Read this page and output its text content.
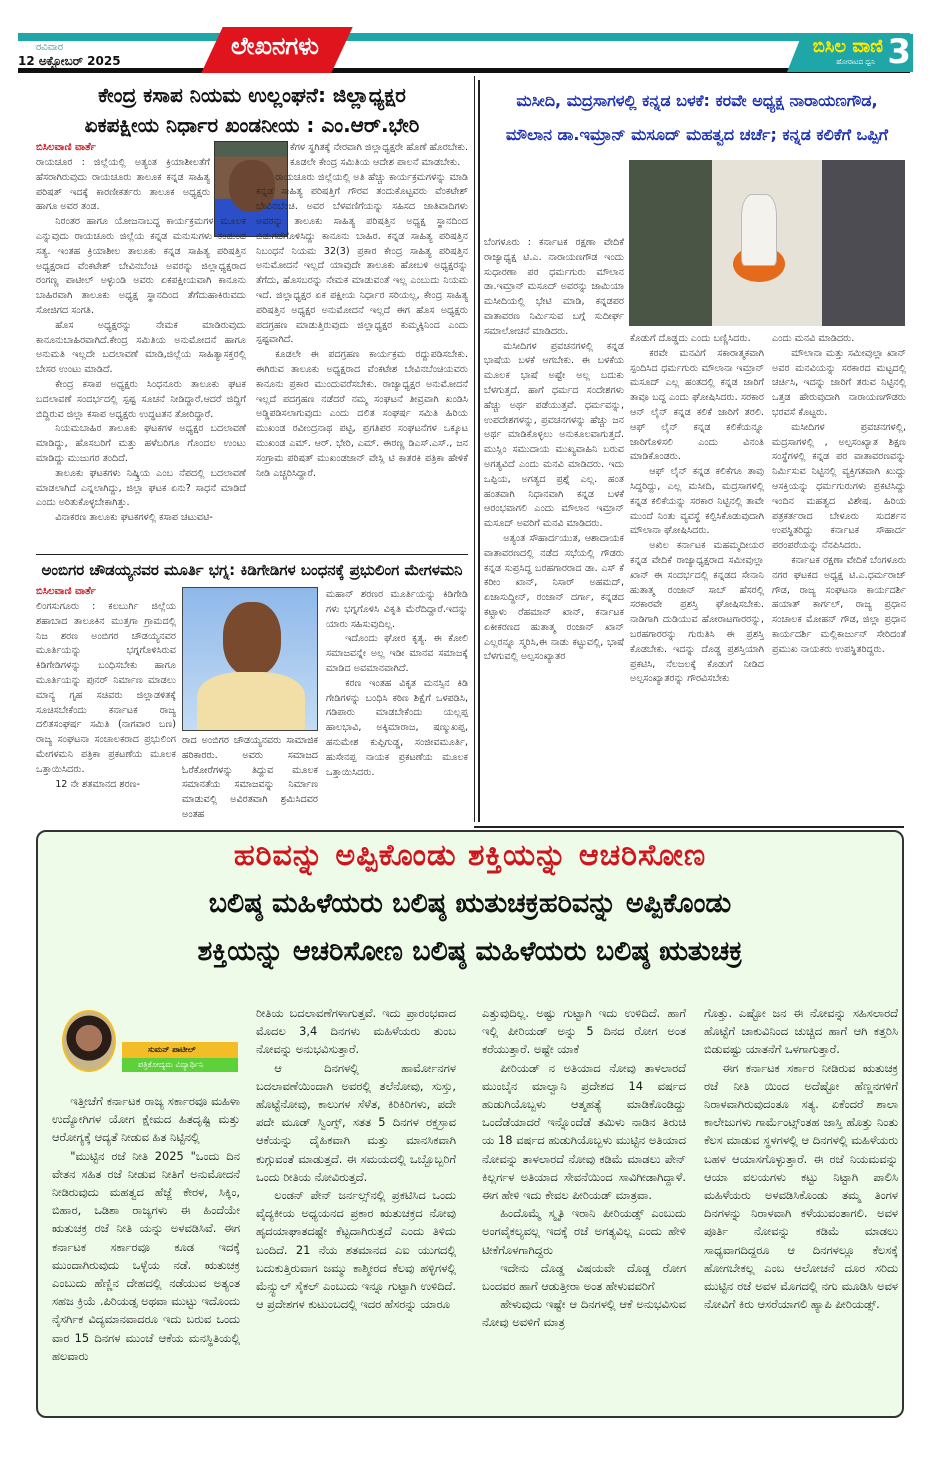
ರವಿವಾರ
12 ಅಕ್ಟೋಬರ್ 2025
ಲೇಖನಗಳು	ಬಿಸಿಲ ವಾಣಿ
ಹೋರಾಟದ ಧ್ವನಿ 3
ಕೇಂದ್ರ ಕಸಾಪ ನಿಯಮ ಉಲ್ಲಂಘನೆ: ಜಿಲ್ಲಾಧ್ಯಕ್ಷರ
ಏಕಪಕ್ಷೀಯ ನಿರ್ಧಾರ ಖಂಡನೀಯ : ಎಂ.ಆರ್.ಭೇರಿ
ಬಿಸಿಲವಾಣಿ ವಾರ್ತೆ

ರಾಯಚೂರ : ಜಿಲ್ಲೆಯಲ್ಲಿ ಅತ್ಯಂತ ಕ್ರಿಯಾಶೀಲತೆಗೆ ಹೆಸರಾಗಿರುವುದು ರಾಯಚೂರು ತಾಲೂಕ ಕನ್ನಡ ಸಾಹಿತ್ಯ ಪರಿಷತ್ ಇದಕ್ಕೆ ಕಾರಣೀಕರ್ತರು ತಾಲೂಕ ಅಧ್ಯಕ್ಷರು ಹಾಗೂ ಅವರ ತಂಡ.

ನಿರಂತರ ಹಾಗೂ ಯೋಜನಾಬದ್ಧ ಕಾರ್ಯಕ್ರಮಗಳ ಮೂಲಕ ಎನ್ನುವುದು ರಾಯಚೂರು ಜಿಲ್ಲೆಯ ಕನ್ನಡ ಮನುಸುಗಳು ಕಂಡುಂಡ ಸತ್ಯ. ಇಂತಹ ಕ್ರಿಯಾಶೀಲ ತಾಲೂಕು ಕನ್ನಡ ಸಾಹಿತ್ಯ ಪರಿಷತ್ತಿನ ಅಧ್ಯಕ್ಷರಾದ ವೆಂಕಟೇಶ್ ಬೇವಿನಬೆಂಚಿ ಅವರನ್ನು ಜಿಲ್ಲಾಧ್ಯಕ್ಷರಾದ ರಂಗಣ್ಣ ಪಾಟೀಲ್ ಅಳ್ಳುಂಡಿ ಅವರು ಏಕಪಕ್ಷೀಯವಾಗಿ ಕಾನೂನು ಬಾಹಿರವಾಗಿ ತಾಲೂಕು ಅಧ್ಯಕ್ಷ ಸ್ಥಾನದಿಂದ ತೆಗೆದುಹಾಕಿರುವದು ಸೋಜಿಗದ ಸಂಗತಿ.

ಹೊಸ ಅಧ್ಯಕ್ಷರನ್ನು ನೇಮಕ ಮಾಡಿರುವುದು ಕಾನೂನುಬಾಹಿರವಾಗಿದೆ.ಕೇಂದ್ರ ಸಮಿತಿಯ ಅನುಮೋದನೆ ಹಾಗೂ ಅನುಮತಿ ಇಲ್ಲದೇ ಬದಲಾವಣೆ ಮಾಡಿ,ಜಿಲ್ಲೆಯ ಸಾಹಿತ್ಯಾಸಕ್ತರಲ್ಲಿ ಬೇಸರ ಉಂಟು ಮಾಡಿದೆ.

ಕೇಂದ್ರ ಕಸಾಪ ಅಧ್ಯಕ್ಷರು ಸಿಂಧನೂರು ತಾಲೂಕು ಘಟಕ ಬದಲಾವಣೆ ಸಂದರ್ಭದಲ್ಲಿ ಸ್ಪಷ್ಟ ಸೂಚನೆ ನೀಡಿದ್ದಾರೆ.ಆದರೆ ಜಿದ್ದಿಗೆ ಬಿದ್ದಿರುವ ಜಿಲ್ಲಾ ಕಸಾಪ ಅಧ್ಯಕ್ಷರು ಉದ್ಧಟತನ ತೋರಿದ್ದಾರೆ.

ನಿಯಮಬಾಹಿರ ತಾಲೂಕು ಘಟಕಗಳ ಅಧ್ಯಕ್ಷರ ಬದಲಾವಣೆ ಮಾಡಿದ್ದು, ಹೊಸಬರಿಗೆ ಮತ್ತು ಹಳೆಬರಿಗೂ ಗೊಂದಲ ಉಂಟು ಮಾಡಿದ್ದು ಮುಜುಗರ ತಂದಿದೆ.

ತಾಲೂಕು ಘಟಕಗಳು ನಿಷ್ಕ್ರಿಯ ಎಂಬ ನೆಪದಲ್ಲಿ ಬದಲಾವಣೆ ಮಾಡಲಾಗಿದೆ ಎನ್ನಲಾಗಿದ್ದು, ಜಿಲ್ಲಾ ಘಟಕ ಏನು? ಸಾಧನೆ ಮಾಡಿದೆ ಎಂದು ಅರಿತುಕೊಳ್ಳಬೇಕಾಗಿತ್ತು.

ವಿನಾಕರಣ ತಾಲೂಕು ಘಟಕಗಳಲ್ಲಿ ಕಸಾಪ ಚಟುವಟಿ-

ಕೆಗಳ ಸ್ಥಗಿತಕ್ಕೆ ನೇರವಾಗಿ ಜಿಲ್ಲಾಧ್ಯಕ್ಷರೇ ಹೊಣೆ ಹೊರಬೇಕು. ಕೂಡಲೇ ಕೇಂದ್ರ ಸಮಿತಿಯ ಆದೇಶ ಪಾಲನೆ ಮಾಡಬೇಕು.

ರಾಯಚೂರು ಜಿಲ್ಲೆಯಲ್ಲಿ ಅತಿ ಹೆಚ್ಚು ಕಾರ್ಯಕ್ರಮಗಳನ್ನು ಮಾಡಿ ಕನ್ನಡ ಸಾಹಿತ್ಯ ಪರಿಷತ್ತಿಗೆ ಗೌರವ ತಂದುಕೊಟ್ಟವರು ವೆಂಕಟೇಶ್ ಬೇವಿನಬೆಂಚಿ. ಅವರ ಬೆಳವಣಿಗೆಯನ್ನು ಸಹಿಸದ ಜಾತಿವಾದಿಗಳು ಅವರನ್ನು ತಾಲೂಕು ಸಾಹಿತ್ಯ ಪರಿಷತ್ತಿನ ಅಧ್ಯಕ್ಷ ಸ್ಥಾನದಿಂದ ಬಿಡುಗಡೆಗೊಳಿಸಿದ್ದು ಕಾನೂನು ಬಾಹಿರ. ಕನ್ನಡ ಸಾಹಿತ್ಯ ಪರಿಷತ್ತಿನ ನಿಬಂಧನೆ ನಿಯಮ 32(3) ಪ್ರಕಾರ ಕೇಂದ್ರ ಸಾಹಿತ್ಯ ಪರಿಷತ್ತಿನ ಅನುಮೋದನೆ ಇಲ್ಲದೆ ಯಾವುದೇ ತಾಲೂಕು ಹೋಬಳಿ ಅಧ್ಯಕ್ಷರನ್ನು ತೆಗೆದು, ಹೊಸಬರನ್ನು ನೇಮಕ ಮಾಡುವಂತೆ ಇಲ್ಲ ಎಂಬುದು ನಿಯಮ ಇದೆ. ಜಿಲ್ಲಾಧ್ಯಕ್ಷರ ಏಕ ಪಕ್ಷೀಯ ನಿರ್ಧಾರ ಸರಿಯಲ್ಲ, ಕೇಂದ್ರ ಸಾಹಿತ್ಯ ಪರಿಷತ್ತಿನ ಅಧ್ಯಕ್ಷರ ಅನುಮೋದನೆ ಇಲ್ಲದೆ ಈಗ ಹೊಸ ಅಧ್ಯಕ್ಷರು ಪದಗ್ರಹಣ ಮಾಡುತ್ತಿರುವುದು ಜಿಲ್ಲಾಧ್ಯಕ್ಷರ ಕುಮ್ಮಕ್ಕಿನಿಂದ ಎಂದು ಸ್ಪಷ್ಟವಾಗಿದೆ.

ಕೂಡಲೇ ಈ ಪದಗ್ರಹಣ ಕಾರ್ಯಕ್ರಮ ರದ್ದುಪಡಿಸಬೇಕು. ಈಗಿರುವ ತಾಲೂಕು ಅಧ್ಯಕ್ಷರಾದ ವೆಂಕಟೇಶ ಬೇವಿನಬೆಂಚಿಯವರು ಕಾನೂನು ಪ್ರಕಾರ ಮುಂದುವರೆಸಬೇಕು. ರಾಜ್ಯಾಧ್ಯಕ್ಷರ ಅನುಮೋದನೆ ಇಲ್ಲದೆ ಪದಗ್ರಹಣ ನಡೆದರೆ ನಮ್ಮ ಸಂಘಟನೆ ತೀವ್ರವಾಗಿ ಖಂಡಿಸಿ ಅಡ್ಡಿಪಡಿಸಲಾಗುವುದು ಎಂದು ದಲಿತ ಸಂಘರ್ಷ ಸಮಿತಿ ಹಿರಿಯ ಮುಖಂಡ ರವೀಂದ್ರನಾಥ ಪಟ್ಟಿ, ಪ್ರಗತಿಪರ ಸಂಘಟನೆಗಳ ಒಕ್ಕೂಟ ಮುಖಂಡ ಎಮ್. ಆರ್. ಭೇರಿ, ಎಮ್. ಈರಣ್ಣ ಡಿಎಸ್.ಎಸ್., ಜನ ಸಂಗ್ರಾಮ ಪರಿಷತ್ ಮುಖಂಡಜಾನ್ ವೇಸ್ಲಿ ಟಿ ಕಾತರಕಿ ಪತ್ರಿಕಾ ಹೇಳಿಕೆ ನೀಡಿ ಎಚ್ಚರಿಸಿದ್ದಾರೆ.

ಅಂಬಿಗರ ಚೌಡಯ್ಯನವರ ಮೂರ್ತಿ ಭಗ್ನ: ಕಿಡಿಗೇಡಿಗಳ ಬಂಧನಕ್ಕೆ ಪ್ರಭುಲಿಂಗ ಮೇಗಳಮನಿ
ಬಿಸಿಲವಾಣಿ ವಾರ್ತೆ

ಲಿಂಗಸುಗೂರು : ಕಲಬುರ್ಗಿ ಜಿಲ್ಲೆಯ ಶಹಾಬಾದ ತಾಲೂಕಿನ ಮುತ್ತಗಾ ಗ್ರಾಮದಲ್ಲಿ ನಿಜ ಶರಣ ಅಂಬಿಗರ ಚೌಡಯ್ಯನವರ ಮೂರ್ತಿಯನ್ನು ಭಗ್ನಗೊಳಿಸಿರುವ ಕಿಡಿಗೇಡಿಗಳನ್ನು ಬಂಧಿಸಬೇಕು ಹಾಗೂ ಮೂರ್ತಿಯನ್ನು ಪುನರ್ ನಿರ್ಮಾಣ ಮಾಡಲು ಮಾನ್ಯ ಗೃಹ ಸಚಿವರು ಜಿಲ್ಲಾಡಳಿತಕ್ಕೆ ಸೂಚಿಸಬೇಕೆಂದು ಕರ್ನಾಟಕ ರಾಜ್ಯ ದಲಿತಸಂಘರ್ಷ ಸಮಿತಿ (ನಾಗವಾರ ಬಣ) ರಾಜ್ಯ ಸಂಘಟನಾ ಸಂಚಾಲಕರಾದ ಪ್ರಭುಲಿಂಗ ಮೇಗಳಮನಿ ಪತ್ರಿಕಾ ಪ್ರಕಟಣೆಯ ಮೂಲಕ ಒತ್ತಾಯಿಸಿದರು.

12 ನೇ ಶತಮಾನದ ಶರಣ-

ರಾದ ಅಂಬಿಗರ ಚೌಡಯ್ಯನವರು ಸಾಮಾಜಿಕ ಹರಿಕಾರರು. ಅವರು ಸಮಾಜದ ಓರೆಕೋರೆಗಳನ್ನು ತಿದ್ದುವ ಮೂಲಕ ಸಮಾನತೆಯ ಸಮಾಜವನ್ನು ನಿರ್ಮಾಣ ಮಾಡುವಲ್ಲಿ ಅವಿರತವಾಗಿ ಶ್ರಮಿಸಿದವರ ಅಂತಹ

ಮಹಾನ್ ಶರಣರ ಮೂರ್ತಿಯನ್ನು ಕಿಡಿಗೇಡಿ ಗಳು ಭಗ್ನಗೊಳಿಸಿ ವಿಕೃತಿ ಮೆರೆದಿದ್ದಾರೆ.ಇದನ್ನು ಯಾರು ಸಹಿಸುವುದಿಲ್ಲ.

ಇದೊಂದು ಘೋರ ಕೃತ್ಯ. ಈ ಕೋಲಿ ಸಮಾಜವನ್ನೇ ಅಲ್ಲ ಇಡೀ ಮಾನವ ಸಮಾಜಕ್ಕೆ ಮಾಡಿದ ಅವಮಾನವಾಗಿದೆ.

ಕರಣ ಇಂತಹ ವಿಕೃತ ಮನಸ್ಸಿನ ಕಿಡಿ ಗೇಡಿಗಳನ್ನು ಬಂಧಿಸಿ ಕಠಿಣ ಶಿಕ್ಷೆಗೆ ಒಳಪಡಿಸಿ, ಗಡಿಪಾರು ಮಾಡಬೇಕೆಂದು ಯಲ್ಲಪ್ಪ ಹಾಲಭಾವಿ, ಅಕ್ಕಿಮಾರಾಜ, ಷಣ್ಮುಖಪ್ಪ, ಹನುಮೇಶ ಕುಪ್ಪಿಗುಡ್ಡ, ಸಂಜೀವಮೂರ್ತಿ, ಹುಸೇನಪ್ಪ ನಾಯಕ ಪ್ರಕಟಣೆಯ ಮೂಲಕ ಒತ್ತಾಯಿಸಿದರು.

ಮಸೀದಿ, ಮದ್ರಸಾಗಳಲ್ಲಿ ಕನ್ನಡ ಬಳಕೆ: ಕರವೇ ಅಧ್ಯಕ್ಷ ನಾರಾಯಣಗೌಡ,
ಮೌಲಾನ ಡಾ.ಇಮ್ರಾನ್ ಮಸೂದ್ ಮಹತ್ವದ ಚರ್ಚೆ; ಕನ್ನಡ ಕಲಿಕೆಗೆ ಒಪ್ಪಿಗೆ

ಬೆಂಗಳೂರು : ಕರ್ನಾಟಕ ರಕ್ಷಣಾ ವೇದಿಕೆ ರಾಜ್ಯಾಧ್ಯಕ್ಷ ಟಿ.ಎ. ನಾರಾಯಣಗೌಡ ಇಂದು ಸುಧಾರಣಾ ಪರ ಧರ್ಮಗುರು ಮೌಲಾನ ಡಾ.ಇಮ್ರಾನ್ ಮಸೂದ್ ಅವರನ್ನು ಜಾಮಿಯಾ ಮಸೀದಿಯಲ್ಲಿ ಭೇಟಿ ಮಾಡಿ, ಕನ್ನಡಪರ ವಾತಾವರಣ ನಿರ್ಮಿಸುವ ಬಗ್ಗೆ ಸುದೀರ್ಘ ಸಮಾಲೋಚನೆ ಮಾಡಿದರು.

ಮಸೀದಿಗಳ ಪ್ರವಚನಗಳಲ್ಲಿ ಕನ್ನಡ ಭಾಷೆಯ ಬಳಕೆ ಆಗಬೇಕು. ಈ ಬಳಕೆಯ ಮೂಲಕ ಭಾಷೆ ಅಷ್ಟೇ ಅಲ್ಲ ಬದುಕು ಬೆಳಗುತ್ತದೆ. ಹಾಗೆ ಧರ್ಮದ ಸಂದೇಶಗಳು ಹೆಚ್ಚು ಅರ್ಥ ಪಡೆಯುತ್ತವೆ. ಧರ್ಮವನ್ನು, ಉಪದೇಶಗಳನ್ನು, ಪ್ರವಚನಗಳನ್ನು ಹೆಚ್ಚು ಜನ ಅರ್ಥ ಮಾಡಿಕೊಳ್ಳಲು ಅನುಕೂಲವಾಗುತ್ತದೆ. ಮುಸ್ಲಿಂ ಸಮುದಾಯ ಮುಖ್ಯವಾಹಿನಿ ಬರುವ ಅಗತ್ಯವಿದೆ ಎಂದು ಮನವಿ ಮಾಡಿದರು. ಇದು ಒಪ್ಪಿಯ, ಅಗತ್ಯದ ಪ್ರಶ್ನೆ ಎಲ್ಲ. ಹಂತ ಹಂತವಾಗಿ ನಿಧಾನವಾಗಿ ಕನ್ನಡ ಬಳಕೆ ಆರಂಭವಾಗಲಿ ಎಂದು ಮೌಲಾನ ಇಮ್ರಾನ್ ಮಸೂದ್ ಅವರಿಗೆ ಮನವಿ ಮಾಡಿದರು.

ಅತ್ಯಂತ ಸೌಹಾರ್ದಯುತ, ಆಶಾದಾಯಕ ವಾತಾವರಣದಲ್ಲಿ ನಡೆದ ಸಭೆಯಲ್ಲಿ ಗೌಡರು ಕನ್ನಡ ಸುಪ್ರಸಿದ್ಧ ಬರಹಗಾರರಾದ ಡಾ. ಎಸ್ ಕೆ ಕರೀಂ ಖಾನ್, ನಿಸಾರ್ ಅಹಮದ್, ಏಜಾಸುದ್ದೀನ್, ರಂಜಾನ್ ದರ್ಗಾ, ಕನ್ನಡದ ಕಟ್ಟಾಳು ರೆಹಮಾನ್ ಖಾನ್, ಕರ್ನಾಟಕ ಏಕೀಕರಣದ ಹುತಾತ್ಮ ರಂಜಾನ್ ಖಾನ್ ಎಲ್ಲರನ್ನೂ ಸ್ಮರಿಸಿ,ಈ ನಾಡು ಕಟ್ಟುವಲ್ಲಿ, ಭಾಷೆ ಬೆಳಗುವಲ್ಲಿ ಅಲ್ಪಸಂಖ್ಯಾತರ

ಕೊಡುಗೆ ದೊಡ್ಡದು ಎಂದು ಬಣ್ಣಿಸಿದರು.

ಕರವೇ ಮನವಿಗೆ ಸಕಾರಾತ್ಮಕವಾಗಿ ಸ್ಪಂದಿಸಿದ ಧರ್ಮಗುರು ಮೌಲಾನಾ ಇಮ್ರಾನ್ ಮಸೂದ್ ಎಲ್ಲ ಹಂತದಲ್ಲಿ ಕನ್ನಡ ಜಾರಿಗೆ ತಾವೂ ಬದ್ಧ ಎಂದು ಘೋಷಿಸಿದರು. ಸರಕಾರ ಆನ್ ಲೈನ್ ಕನ್ನಡ ಕಲಿಕೆ ಜಾರಿಗೆ ತರಲಿ. ಆಫ್ ಲೈನ್ ಕನ್ನಡ ಕಲಿಕೆಯನ್ನೂ ಜಾರಿಗೊಳಿಸಲಿ ಎಂದು ವಿನಂತಿ ಮಾಡಿಕೊಂಡರು.

ಆಫ್ ಲೈನ್ ಕನ್ನಡ ಕಲಿಕೆಗೂ ತಾವು ಸಿದ್ಧರಿದ್ದು, ಎಲ್ಲ ಮಸೀದಿ, ಮದ್ರಸಾಗಳಲ್ಲಿ ಕನ್ನಡ ಕಲಿಕೆಯನ್ನು ಸರಕಾರ ನಿಟ್ಟಿನಲ್ಲಿ ತಾವೇ ಮುಂದೆ ನಿಂತು ವ್ಯವಸ್ಥೆ ಕಲ್ಪಿಸಿಕೊಡುವುದಾಗಿ ಮೌಲಾನಾ ಘೋಷಿಸಿದರು.

ಅಖಿಲ ಕರ್ನಾಟಕ ಮಹಮ್ಮದೀಯರ ಕನ್ನಡ ವೇದಿಕೆ ರಾಜ್ಯಾಧ್ಯಕ್ಷರಾದ ಸಮೀವುಲ್ಲಾ ಖಾನ್ ಈ ಸಂದರ್ಭದಲ್ಲಿ ಕನ್ನಡದ ಸೇನಾನಿ ಹುತಾತ್ಮ ರಂಜಾನ್ ಸಾಬ್ ಹೆಸರಲ್ಲಿ ಸರಕಾರವೇ ಪ್ರಶಸ್ತಿ ಘೋಷಿಸಬೇಕು. ನಾಡಿಗಾಗಿ ದುಡಿಯುವ ಹೋರಾಟಗಾರರನ್ನು, ಬರಹಗಾರರನ್ನು ಗುರುತಿಸಿ ಈ ಪ್ರಶಸ್ತಿ ಕೊಡಬೇಕು. ಇದನ್ನು ದೊಡ್ಡ ಪ್ರಶಸ್ತಿಯಾಗಿ ಪ್ರಕಟಿಸಿ, ನೆಲಜಲಕ್ಕೆ ಕೊಡುಗೆ ನೀಡಿದ ಅಲ್ಪಸಂಖ್ಯಾತರನ್ನು ಗೌರವಿಸಬೇಕು

ಎಂದು ಮನವಿ ಮಾಡಿದರು.

ಮೌಲಾನಾ ಮತ್ತು ಸಮೀವುಲ್ಲಾ ಖಾನ್ ಅವರ ಮನವಿಯನ್ನು ಸರಕಾರದ ಮಟ್ಟದಲ್ಲಿ ಚರ್ಚಿಸಿ, ಇದನ್ನು ಜಾರಿಗೆ ತರುವ ನಿಟ್ಟಿನಲ್ಲಿ ಒತ್ತಡ ಹೇರುವುದಾಗಿ ನಾರಾಯಣಗೌಡರು ಭರವಸೆ ಕೊಟ್ಟರು.

ಮಸೀದಿಗಳ ಪ್ರವಚನಗಳಲ್ಲಿ, ಮದ್ರಸಾಗಳಲ್ಲಿ , ಅಲ್ಪಸಂಖ್ಯಾತ ಶಿಕ್ಷಣ ಸಂಸ್ಥೆಗಳಲ್ಲಿ ಕನ್ನಡ ಪರ ವಾತಾವರಣವನ್ನು ನಿರ್ಮಿಸುವ ನಿಟ್ಟಿನಲ್ಲಿ ವ್ಯಕ್ತಿಗತವಾಗಿ ಖುದ್ದು ಆಸಕ್ತಿಯನ್ನು ಧರ್ಮಗುರುಗಳು ಪ್ರಕಟಿಸಿದ್ದು ಇಂದಿನ ಮಹತ್ವದ ವಿಶೇಷ. ಹಿರಿಯ ಪತ್ರಕರ್ತರಾದ ಬೇಳೂರು ಸುದರ್ಶನ ಉಪಸ್ಥಿತರಿದ್ದು ಕರ್ನಾಟಕ ಸೌಹಾರ್ದ ಪರಂಪರೆಯನ್ನು ನೆನಪಿಸಿದರು.

ಕರ್ನಾಟಕ ರಕ್ಷಣಾ ವೇದಿಕೆ ಬೆಂಗಳೂರು ನಗರ ಘಟಕದ ಅಧ್ಯಕ್ಷ ಟಿ.ಎ.ಧರ್ಮರಾಜ್ ಗೌಡ, ರಾಜ್ಯ ಸಂಘಟನಾ ಕಾರ್ಯದರ್ಶಿ ಹಯಾತ್ ಕಾರ್ಗಲ್, ರಾಜ್ಯ ಪ್ರಧಾನ ಸಂಚಾಲಕ ಮೋಹನ್ ಗೌಡ, ಜಿಲ್ಲಾ ಪ್ರಧಾನ ಕಾರ್ಯದರ್ಶಿ ಮಲ್ಲಿಕಾರ್ಜುನ್ ಸೇರಿದಂತೆ ಪ್ರಮುಖ ನಾಯಕರು ಉಪಸ್ಥಿತರಿದ್ದರು.

ಹರಿವನ್ನು ಅಪ್ಪಿಕೊಂಡು ಶಕ್ತಿಯನ್ನು ಆಚರಿಸೋಣ
ಬಲಿಷ್ಠ ಮಹಿಳೆಯರು ಬಲಿಷ್ಠ ಋತುಚಕ್ರಹರಿವನ್ನು ಅಪ್ಪಿಕೊಂಡು
ಶಕ್ತಿಯನ್ನು ಆಚರಿಸೋಣ ಬಲಿಷ್ಠ ಮಹಿಳೆಯರು ಬಲಿಷ್ಠ ಋತುಚಕ್ರ
ಸುಮನ್ ಪಾಟೀಲ್
ಪತ್ರಿಕೋದ್ಯಮ ವಿದ್ಯಾರ್ಥಿನಿ

ಇತ್ತೀಚೆಗೆ ಕರ್ನಾಟಕ ರಾಜ್ಯ ಸರ್ಕಾರವೂ ಮಹಿಳಾ ಉದ್ಯೋಗಿಗಳ ಯೋಗ ಕ್ಷೇಮದ ಹಿತದೃಷ್ಟಿ ಮತ್ತು ಆರೋಗ್ಯಕ್ಕೆ ಆದ್ಯತೆ ನೀಡುವ ಹಿತ ನಿಟ್ಟಿನಲ್ಲಿ

"ಮುಟ್ಟಿನ ರಜೆ ನೀತಿ 2025 "ಒಂದು ದಿನ ವೇತನ ಸಹಿತ ರಜೆ ನೀಡುವ ನೀತಿಗೆ ಅನುಮೋದನೆ ನೀಡಿರುವುದು ಮಹತ್ವದ ಹೆಜ್ಜೆ ಕೇರಳ, ಸಿಕ್ಕಿಂ, ಬಿಹಾರ, ಒಡಿಶಾ ರಾಜ್ಯಗಳು ಈ ಹಿಂದೆಯೇ ಋತುಚಕ್ರ ರಜೆ ನೀತಿ ಯನ್ನು ಅಳವಡಿಸಿವೆ. ಈಗ ಕರ್ನಾಟಕ ಸರ್ಕಾರವೂ ಕೂಡ ಇದಕ್ಕೆ ಮುಂದಾಗಿರುವುದು ಒಳ್ಳೆಯ ನಡೆ. ಋತುಚಕ್ರ ಎಂಬುದು ಹೆಣ್ಣಿನ ದೇಹದಲ್ಲಿ ನಡೆಯುವ ಅತ್ಯಂತ ಸಹಜ ಕ್ರಿಯೆ .ಪಿರಿಯಡ್ಸ ಅಥವಾ ಮುಟ್ಟು ಇದೊಂದು ನೈಸರ್ಗಿಕ ವಿದ್ಯಮಾನವಾದರೂ ಇದು ಬರುವ ಒಂದು ವಾರ 15 ದಿನಗಳ ಮುಂಚೆ ಆಕೆಯ ಮನಸ್ಥಿತಿಯಲ್ಲಿ ಹಲವಾರು

ರೀತಿಯ ಬದಲಾವಣೆಗಳಾಗುತ್ತವೆ. ಇದು ಪ್ರಾರಂಭವಾದ ಮೊದಲ 3,4 ದಿನಗಳು ಮಹಿಳೆಯರು ತುಂಬ ನೋವನ್ನು ಅನುಭವಿಸುತ್ತಾರೆ.

ಆ ದಿನಗಳಲ್ಲಿ ಹಾರ್ಮೋನಗಳ ಬದಲಾವಣೆಯಿಂದಾಗಿ ಅವರಲ್ಲಿ ತಲೆನೋವು, ಸುಸ್ತು, ಹೊಟ್ಟೆನೋವು, ಕಾಲುಗಳ ಸೆಳೆತ, ಕಿರಿಕಿರಿಗಳು, ಪದೇ ಪದೇ ಮೂಡ್ ಸ್ವಿಂಗ್ಸ್, ಸತತ 5 ದಿನಗಳ ರಕ್ತಸ್ರಾವ ಆಕೆಯನ್ನು ದೈಹಿಕವಾಗಿ ಮತ್ತು ಮಾನಸಿಕವಾಗಿ ಕುಗ್ಗುವಂತೆ ಮಾಡುತ್ತದೆ. ಈ ಸಮಯದಲ್ಲಿ ಒಬ್ಬೊಬ್ಬರಿಗೆ ಒಂದು ರೀತಿಯ ನೋವಿರುತ್ತದೆ.

ಲಂಡನ್ ಪೇನ್ ಜರ್ನಲ್ಸ್‌ನಲ್ಲಿ ಪ್ರಕಟಿಸಿದ ಒಂದು ವೈದ್ಯಕೀಯ ಅಧ್ಯಯನದ ಪ್ರಕಾರ ಋತುಚಕ್ರದ ನೋವು ಹೃದಯಾಘಾತದಷ್ಟೇ ಕೆಟ್ಟದಾಗಿರುತ್ತದೆ ಎಂದು ತಿಳಿದು ಬಂದಿದೆ. 21 ನೆಯ ಶತಮಾನದ ಎಐ ಯುಗದಲ್ಲಿ ಬದುಕುತ್ತಿರುವಾಗ ಜಮ್ಮು ಕಾಶ್ಮೀರದ ಕೆಲವು ಹಳ್ಳಿಗಳಲ್ಲಿ ಮೆನ್ಸ್ಟುಲ್ ಸೈಕಲ್ ಎಂಬುದು ಇನ್ನೂ ಗುಟ್ಟಾಗಿ ಉಳಿದಿದೆ. ಆ ಪ್ರದೇಶಗಳ ಕುಟುಂಬದಲ್ಲಿ ಇದರ ಹೆಸರನ್ನು ಯಾರೂ

ಎತ್ತುವುದಿಲ್ಲ. ಅಷ್ಟು ಗುಟ್ಟಾಗಿ ಇದು ಉಳಿದಿದೆ. ಹಾಗೆ ಇಲ್ಲಿ ಪೀರಿಯಡ್ ಅನ್ನು 5 ದಿನದ ರೋಗ ಅಂತ ಕರೆಯುತ್ತಾರೆ. ಅಷ್ಟೇ ಯಾಕೆ

ಪೀರಿಯಡ್ ನ ಅತಿಯಾದ ನೋವು ತಾಳಲಾರದೆ ಮುಂಬೈನ ಮಾಲ್ವಾನಿ ಪ್ರದೇಶದ 14 ವರ್ಷದ ಹುಡುಗಿಯೊಬ್ಬಳು ಆತ್ಮಹತ್ಯೆ ಮಾಡಿಕೊಂಡಿದ್ದು ಒಂದೆಡೆಯಾದರೆ ಇನ್ನೊಂದೆಡೆ ತಮಿಳು ನಾಡಿನ ತಿರುಚಿ ಯ 18 ವರ್ಷದ ಹುಡುಗಿಯೊಬ್ಬಳು ಮುಟ್ಟಿನ ಅತಿಯಾದ ನೋವನ್ನು ತಾಳಲಾರದೆ ನೋವು ಕಡಿಮೆ ಮಾಡಲು ಪೇನ್ ಕಿಲ್ಲರ್ಗಳ ಅತಿಯಾದ ಸೇವನೆಯಿಂದ ಸಾವಿಗೀಡಾಗಿದ್ದಾಳೆ. ಈಗ ಹೇಳಿ ಇದು ಕೇವಲ ಪೀರಿಯಡ್ ಮಾತ್ರವಾ.

ಹಿಂದೊಮ್ಮೆ ಸ್ಮೃತಿ ಇರಾನಿ ಪೀರಿಯಡ್ಸ್ ಎಂಬುದು ಅಂಗವೈಕಲ್ಯವಲ್ಲ ಇದಕ್ಕೆ ರಜೆ ಅಗತ್ಯವಿಲ್ಲ ಎಂದು ಹೇಳಿ ಟೀಕೆಗೊಳಗಾಗಿದ್ದರು

ಇದೇನು ದೊಡ್ಡ ವಿಷಯವೇ ದೊಡ್ಡ ರೋಗ ಬಂದವರ ಹಾಗೆ ಆಡುತ್ತೀರಾ ಅಂತ ಹೇಳುವವರಿಗೆ

ಹೇಳುವುದು ಇಷ್ಟೇ ಆ ದಿನಗಳಲ್ಲಿ ಆಕೆ ಅನುಭವಿಸುವ ನೋವು ಅವಳಿಗೆ ಮಾತ್ರ

ಗೊತ್ತು. ಎಷ್ಟೋ ಜನ ಈ ನೋವನ್ನು ಸಹಿಸಲಾರದೆ ಹೊಟ್ಟೆಗೆ ಚಾಕುವಿನಿಂದ ಚುಚ್ಚಿದ ಹಾಗೆ ಆಗಿ ಕತ್ತರಿಸಿ ಬಿಡುವಷ್ಟು ಯಾತನೆಗೆ ಒಳಗಾಗುತ್ತಾರೆ.

ಈಗ ಕರ್ನಾಟಕ ಸರ್ಕಾರ ನೀಡಿರುವ ಋತುಚಕ್ರ ರಜೆ ನೀತಿ ಯಿಂದ ಅದೆಷ್ಟೋ ಹೆಣ್ಣನಗಳಿಗೆ ನಿರಾಳವಾಗಿರುವುದಂತೂ ಸತ್ಯ. ಏಕೆಂದರೆ ಶಾಲಾ ಕಾಲೇಜುಗಳು ಗಾರ್ಮೆಂಟ್ಸ್‌ಂತಹ ಜಾಸ್ತಿ ಹೊತ್ತು ನಿಂತು ಕೆಲಸ ಮಾಡುವ ಸ್ಥಳಗಳಲ್ಲಿ ಆ ದಿನಗಳಲ್ಲಿ ಮಹಿಳೆಯರು ಬಹಳ ಆಯಾಸಗೊಳ್ಳುತ್ತಾರೆ. ಈ ರಜೆ ನಿಯಮವನ್ನು ಆಯಾ ವಲಯಗಳು ಕಟ್ಟು ನಿಟ್ಟಾಗಿ ಪಾಲಿಸಿ ಮಹಿಳೆಯರು ಅಳವಡಿಸಿಕೊಂಡು ತಮ್ಮ ತಿಂಗಳ ದಿನಗಳನ್ನು ನಿರಾಳವಾಗಿ ಕಳೆಯುವಂತಾಗಲಿ. ಅವಳ ಪೂರ್ತಿ ನೋವನ್ನು ಕಡಿಮೆ ಮಾಡಲು ಸಾಧ್ಯವಾಗದಿದ್ದರೂ ಆ ದಿನಗಳಲ್ಲೂ ಕೆಲಸಕ್ಕೆ ಹೋಗಬೇಕಲ್ಲ ಎಂಬ ಆಲೋಚನೆ ದೂರ ಸರಿದು ಮುಟ್ಟಿನ ರಜೆ ಅವಳ ಮೊಗದಲ್ಲಿ ನಗು ಮೂಡಿಸಿ ಅವಳ ನೋವಿಗೆ ಕಿರು ಆಸರೆಯಾಗಲಿ ಹ್ಯಾಪಿ ಪೀರಿಯಡ್ಸ್.
